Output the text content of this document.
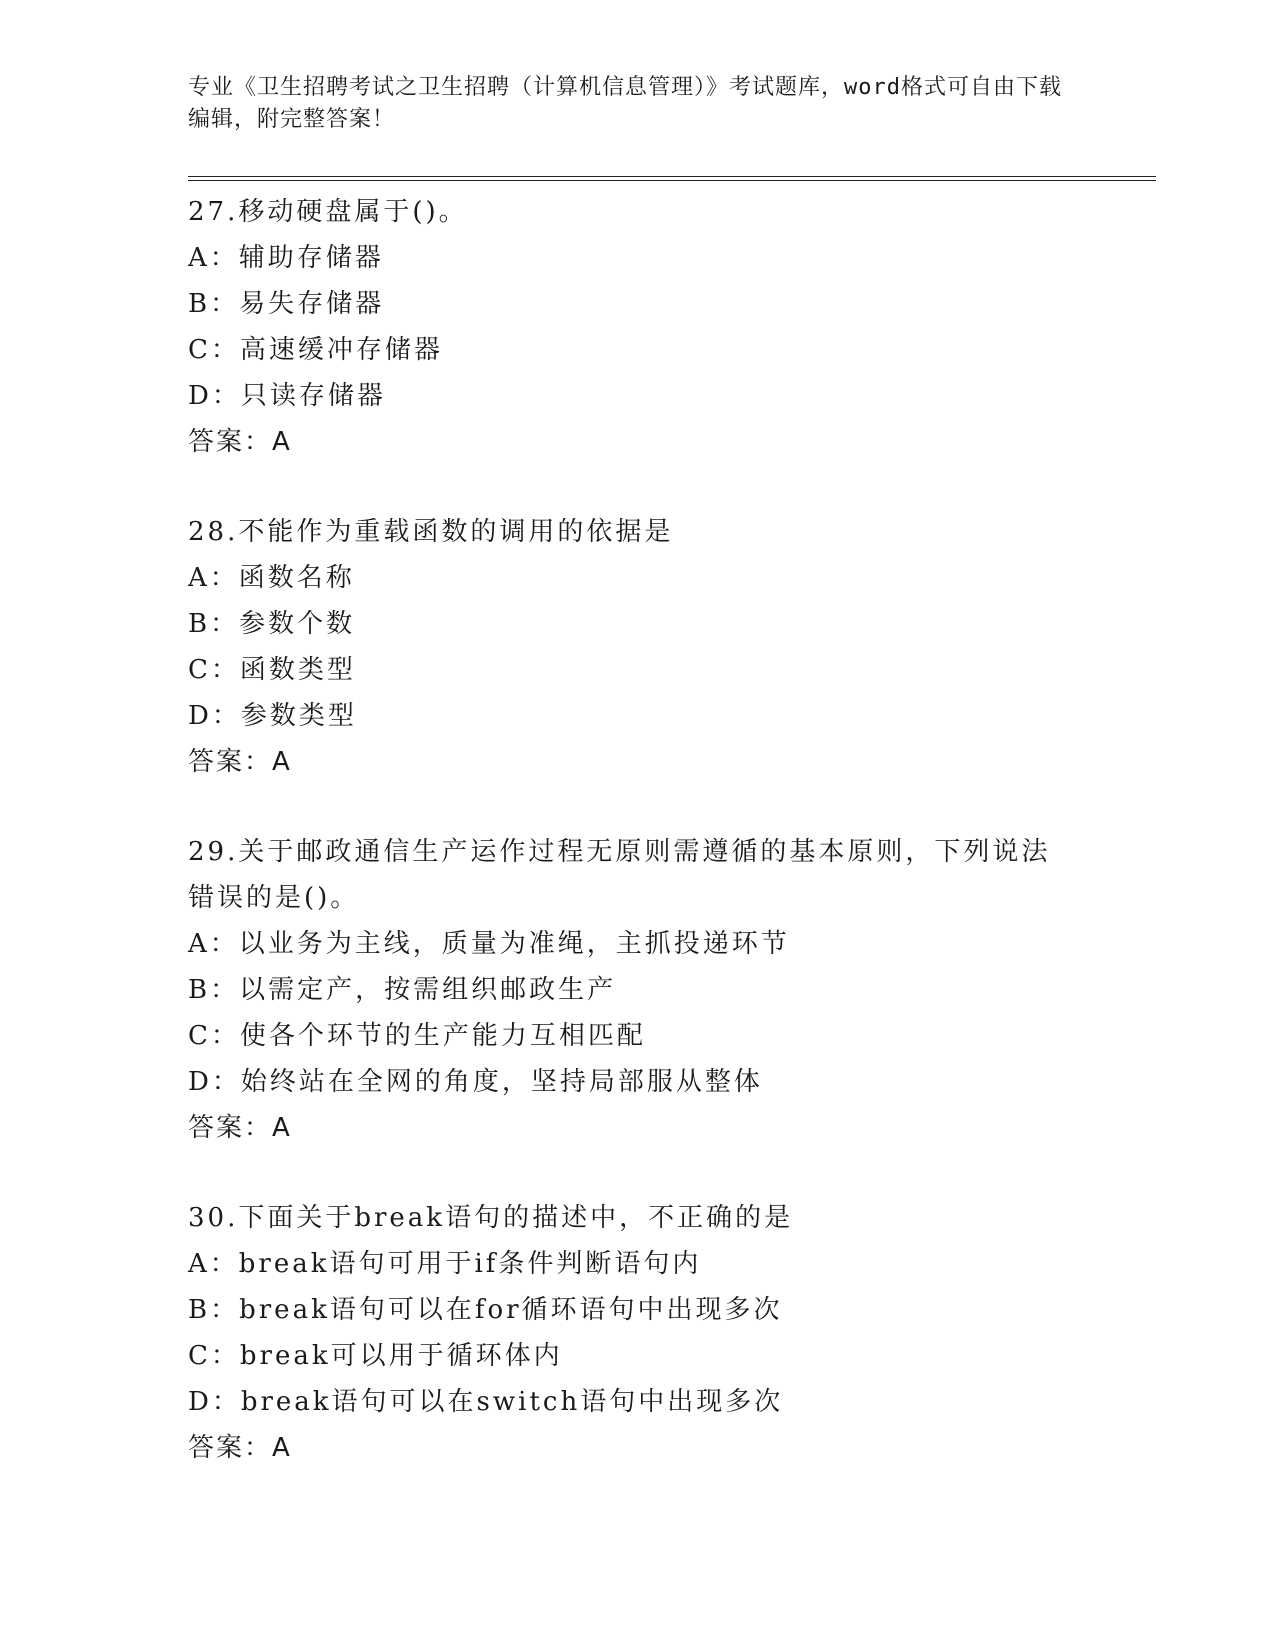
专业《卫生招聘考试之卫生招聘（计算机信息管理）》考试题库，word格式可自由下载编辑，附完整答案！
27.移动硬盘属于()。
A：辅助存储器
B：易失存储器
C：高速缓冲存储器
D：只读存储器
答案：A
28.不能作为重载函数的调用的依据是
A：函数名称
B：参数个数
C：函数类型
D：参数类型
答案：A
29.关于邮政通信生产运作过程无原则需遵循的基本原则，下列说法错误的是()。
A：以业务为主线，质量为准绳，主抓投递环节
B：以需定产，按需组织邮政生产
C：使各个环节的生产能力互相匹配
D：始终站在全网的角度，坚持局部服从整体
答案：A
30.下面关于break语句的描述中，不正确的是
A：break语句可用于if条件判断语句内
B：break语句可以在for循环语句中出现多次
C：break可以用于循环体内
D：break语句可以在switch语句中出现多次
答案：A
